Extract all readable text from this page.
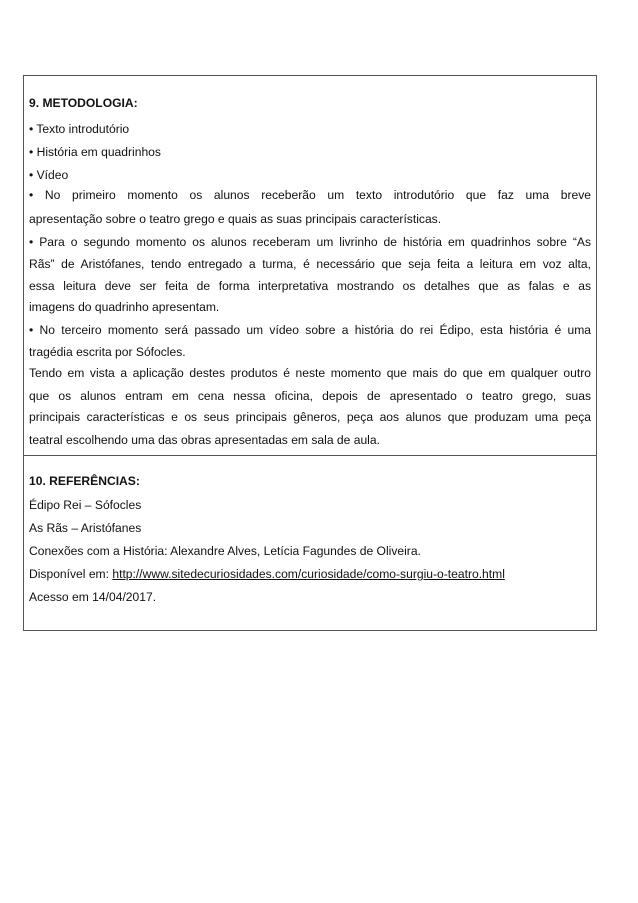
9. METODOLOGIA:
• Texto introdutório
• História em quadrinhos
• Vídeo
• No primeiro momento os alunos receberão um texto introdutório que faz uma breve
apresentação sobre o teatro grego e quais as suas principais características.
• Para o segundo momento os alunos receberam um livrinho de história em quadrinhos sobre “As
Rãs” de Aristófanes, tendo entregado a turma, é necessário que seja feita a leitura em voz alta,
essa leitura deve ser feita de forma interpretativa mostrando os detalhes que as falas e as
imagens do quadrinho apresentam.
• No terceiro momento será passado um vídeo sobre a história do rei Édipo, esta história é uma
tragédia escrita por Sófocles.
Tendo em vista a aplicação destes produtos é neste momento que mais do que em qualquer outro
que os alunos entram em cena nessa oficina, depois de apresentado o teatro grego, suas
principais características e os seus principais gêneros, peça aos alunos que produzam uma peça
teatral escolhendo uma das obras apresentadas em sala de aula.
10. REFERÊNCIAS:
Édipo Rei – Sófocles
As Rãs – Aristófanes
Conexões com a História: Alexandre Alves, Letícia Fagundes de Oliveira.
Disponível em: http://www.sitedecuriosidades.com/curiosidade/como-surgiu-o-teatro.html
Acesso em 14/04/2017.
